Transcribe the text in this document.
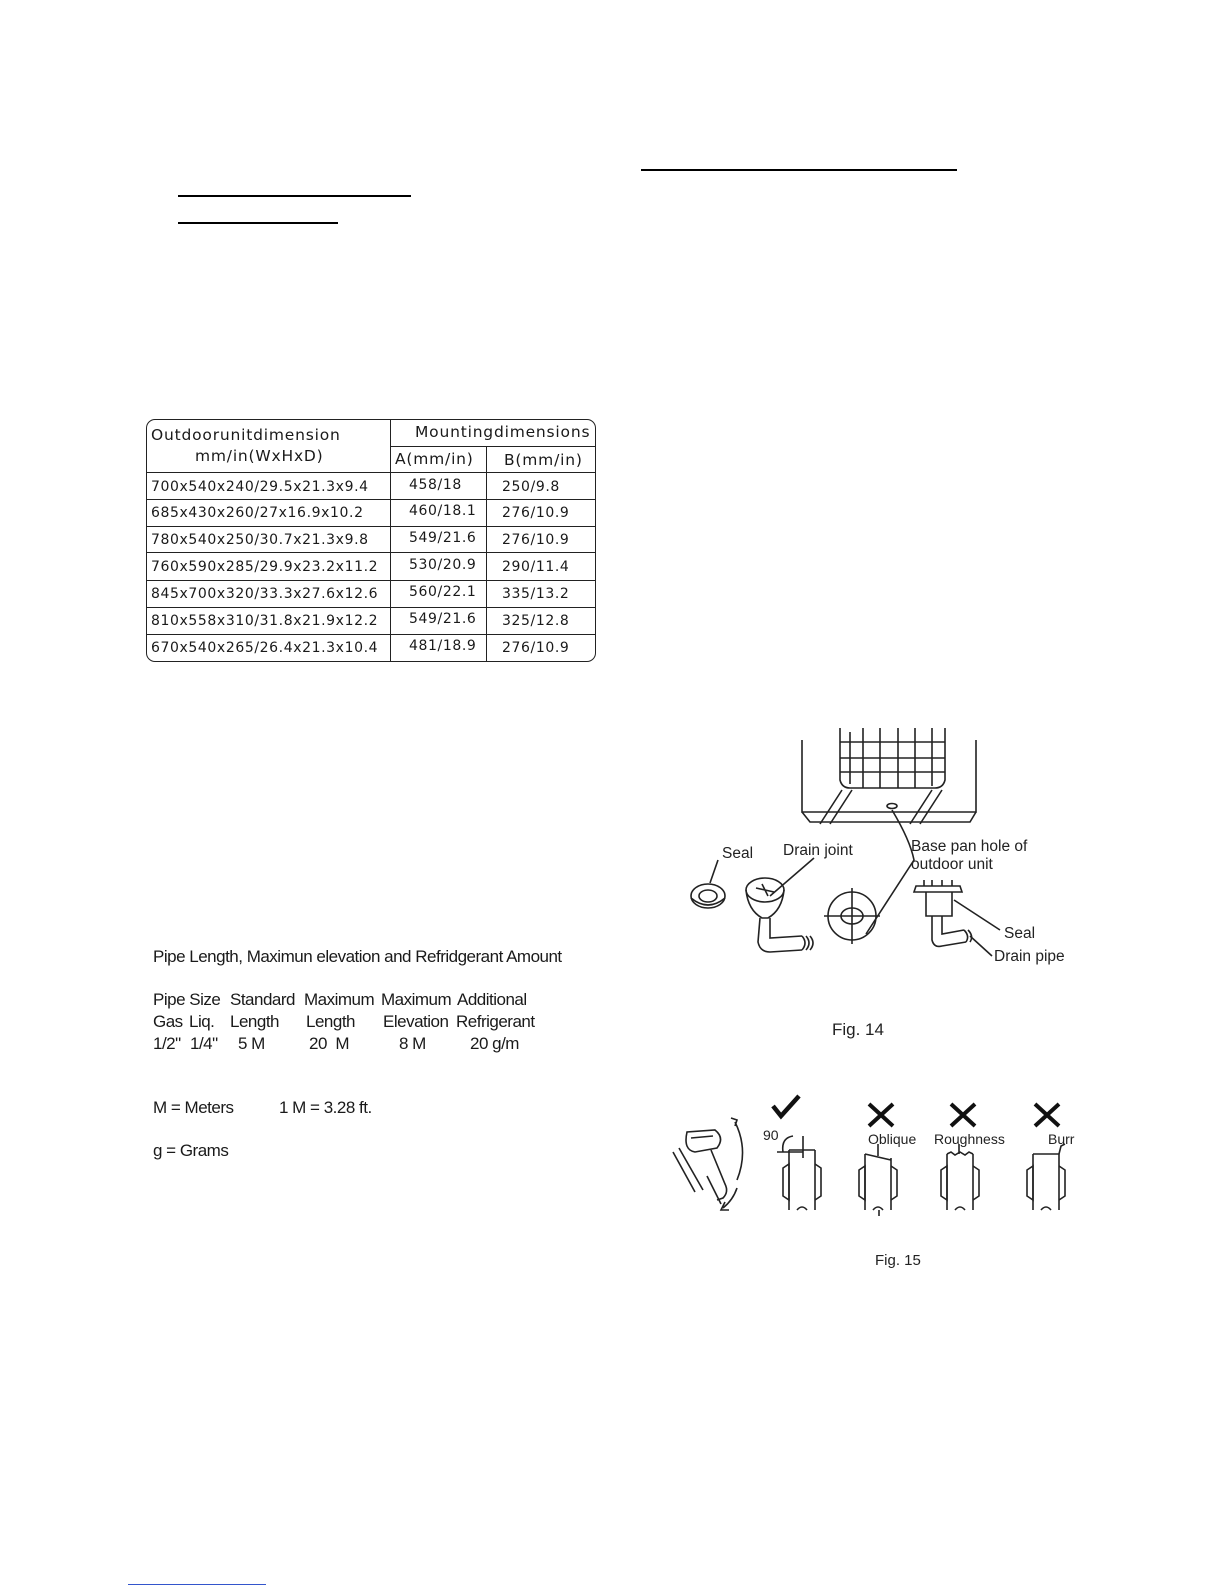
Outdoorunitdimension
mm/in(WxHxD)
Mountingdimensions
A(mm/in) B(mm/in)
700x540x240/29.5x21.3x9.4	458/18	250/9.8
685x430x260/27x16.9x10.2	460/18.1 276/10.9
780x540x250/30.7x21.3x9.8	549/21.6 276/10.9
760x590x285/29.9x23.2x11.2 530/20.9 290/11.4
845x700x320/33.3x27.6x12.6 560/22.1 335/13.2
810x558x310/31.8x21.9x12.2 549/21.6 325/12.8
670x540x265/26.4x21.3x10.4 481/18.9 276/10.9
Pipe Length, Maximun elevation and Refridgerant Amount
Pipe Size Standard Maximum Maximum Additional
Gas Liq. Length Length Elevation Refrigerant
1/2" 1/4" 5 M	20  M	8 M	20 g/m
M = Meters	1 M = 3.28 ft.
g = Grams
Seal Drain joint	Base pan hole of
outdoor unit
Seal
Drain pipe
Fig. 14
90	Oblique Roughness	Burr
Fig. 15
